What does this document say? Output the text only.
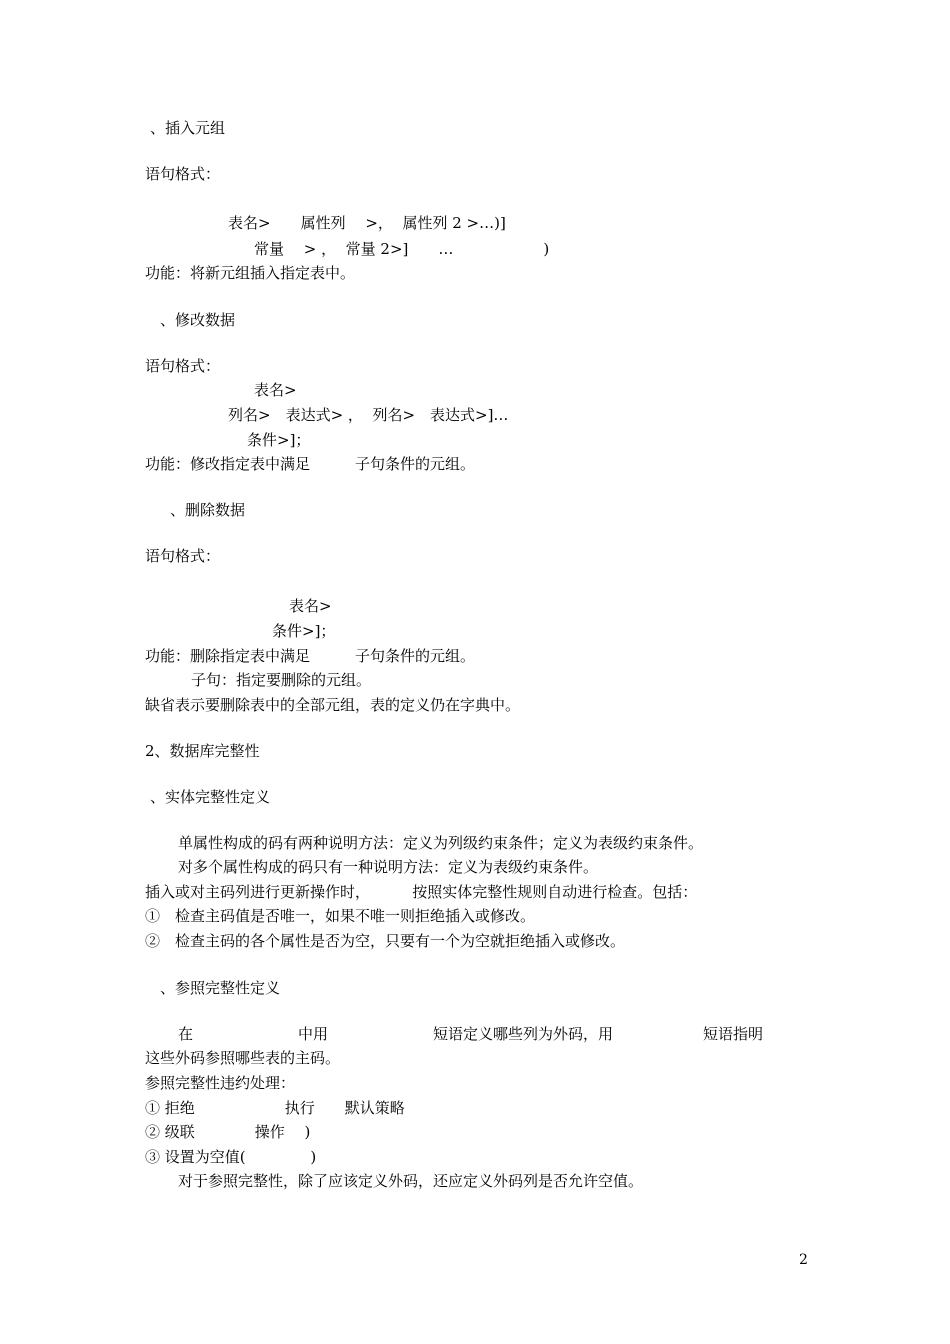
、插入元组
语句格式：
表名>　　属性列　 >，  属性列 2 >…)]
常量　 > ，  常量 2>]　　…　　　　　　)
功能：将新元组插入指定表中。
、修改数据
语句格式：
表名>
列名>　表达式> ，  列名>　表达式>]…
条件>]；
功能：修改指定表中满足　　　子句条件的元组。
、删除数据
语句格式：
表名>
条件>]；
功能：删除指定表中满足　　　子句条件的元组。
子句：指定要删除的元组。
缺省表示要删除表中的全部元组，表的定义仍在字典中。
2、数据库完整性
、实体完整性定义
单属性构成的码有两种说明方法：定义为列级约束条件；定义为表级约束条件。
对多个属性构成的码只有一种说明方法：定义为表级约束条件。
插入或对主码列进行更新操作时，　　　 按照实体完整性规则自动进行检查。包括：
①　检查主码值是否唯一，如果不唯一则拒绝插入或修改。
②　检查主码的各个属性是否为空，只要有一个为空就拒绝插入或修改。
、参照完整性定义
在　　　　　　　中用　　　　　　　短语定义哪些列为外码，用　　　　　　短语指明
这些外码参照哪些表的主码。
参照完整性违约处理：
① 拒绝　　　　　　执行　　默认策略
② 级联　　　　操作　 )
③ 设置为空值(　　　　 )
对于参照完整性，除了应该定义外码，还应定义外码列是否允许空值。
2
